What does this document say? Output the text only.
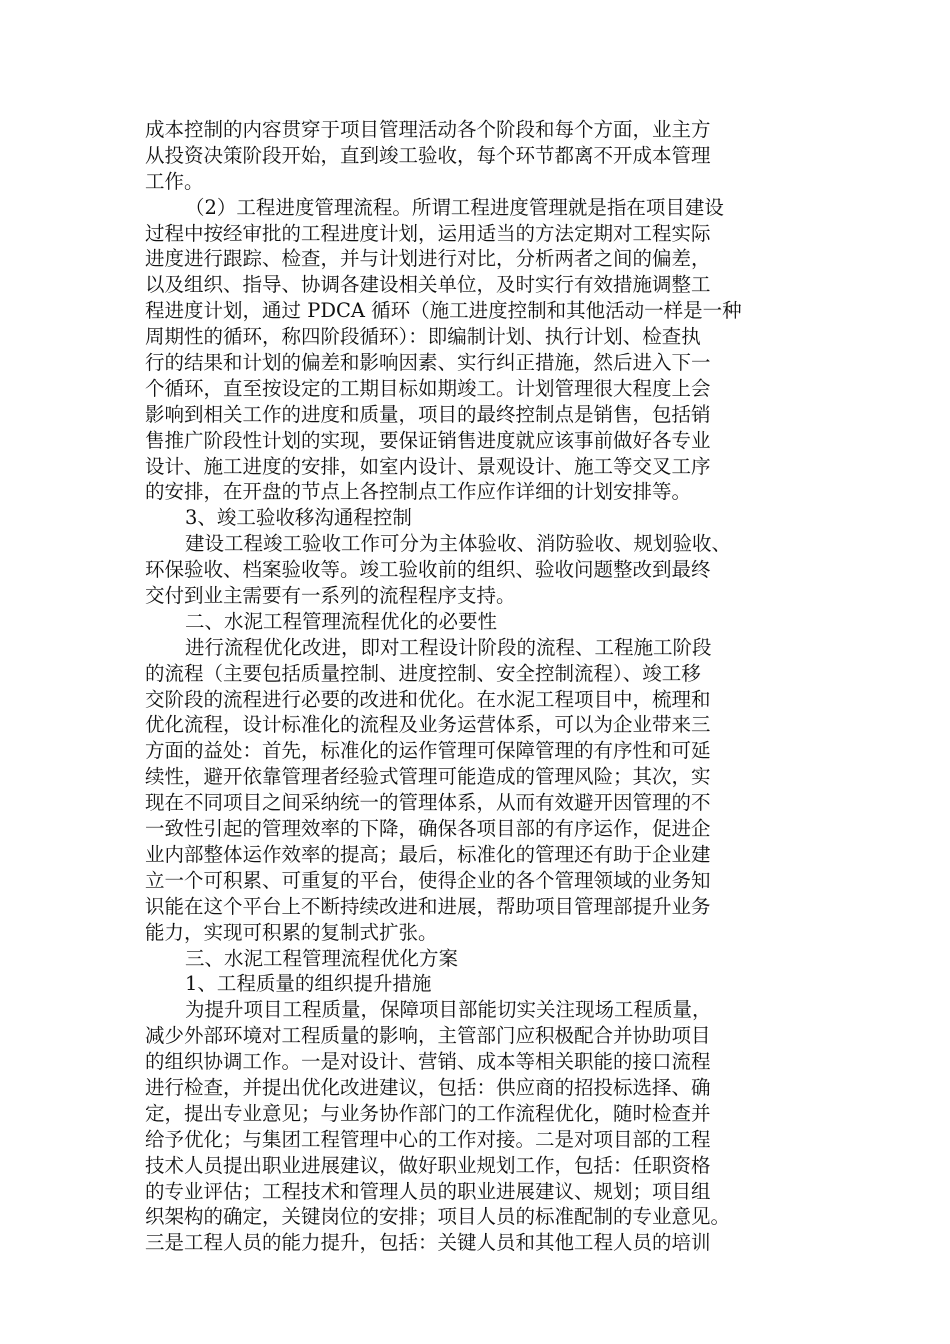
成本控制的内容贯穿于项目管理活动各个阶段和每个方面，业主方
从投资决策阶段开始，直到竣工验收，每个环节都离不开成本管理
工作。
（2）工程进度管理流程。所谓工程进度管理就是指在项目建设
过程中按经审批的工程进度计划，运用适当的方法定期对工程实际
进度进行跟踪、检查，并与计划进行对比，分析两者之间的偏差，
以及组织、指导、协调各建设相关单位，及时实行有效措施调整工
程进度计划，通过 PDCA 循环（施工进度控制和其他活动一样是一种
周期性的循环，称四阶段循环）：即编制计划、执行计划、检查执
行的结果和计划的偏差和影响因素、实行纠正措施，然后进入下一
个循环，直至按设定的工期目标如期竣工。计划管理很大程度上会
影响到相关工作的进度和质量，项目的最终控制点是销售，包括销
售推广阶段性计划的实现，要保证销售进度就应该事前做好各专业
设计、施工进度的安排，如室内设计、景观设计、施工等交叉工序
的安排，在开盘的节点上各控制点工作应作详细的计划安排等。
3、竣工验收移沟通程控制
建设工程竣工验收工作可分为主体验收、消防验收、规划验收、
环保验收、档案验收等。竣工验收前的组织、验收问题整改到最终
交付到业主需要有一系列的流程程序支持。
二、水泥工程管理流程优化的必要性
进行流程优化改进，即对工程设计阶段的流程、工程施工阶段
的流程（主要包括质量控制、进度控制、安全控制流程）、竣工移
交阶段的流程进行必要的改进和优化。在水泥工程项目中，梳理和
优化流程，设计标准化的流程及业务运营体系，可以为企业带来三
方面的益处：首先，标准化的运作管理可保障管理的有序性和可延
续性，避开依靠管理者经验式管理可能造成的管理风险；其次，实
现在不同项目之间采纳统一的管理体系，从而有效避开因管理的不
一致性引起的管理效率的下降，确保各项目部的有序运作，促进企
业内部整体运作效率的提高；最后，标准化的管理还有助于企业建
立一个可积累、可重复的平台，使得企业的各个管理领域的业务知
识能在这个平台上不断持续改进和进展，帮助项目管理部提升业务
能力，实现可积累的复制式扩张。
三、水泥工程管理流程优化方案
1、工程质量的组织提升措施
为提升项目工程质量，保障项目部能切实关注现场工程质量，
减少外部环境对工程质量的影响，主管部门应积极配合并协助项目
的组织协调工作。一是对设计、营销、成本等相关职能的接口流程
进行检查，并提出优化改进建议，包括：供应商的招投标选择、确
定，提出专业意见；与业务协作部门的工作流程优化，随时检查并
给予优化；与集团工程管理中心的工作对接。二是对项目部的工程
技术人员提出职业进展建议，做好职业规划工作，包括：任职资格
的专业评估；工程技术和管理人员的职业进展建议、规划；项目组
织架构的确定，关键岗位的安排；项目人员的标准配制的专业意见。
三是工程人员的能力提升，包括：关键人员和其他工程人员的培训
